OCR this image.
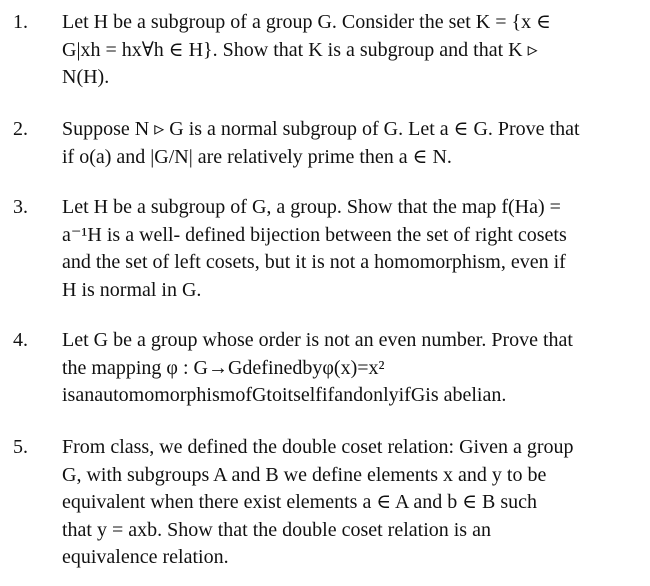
1. Let H be a subgroup of a group G. Consider the set K = {x ∈
G|xh = hx∀h ∈ H}. Show that K is a subgroup and that K ▹
N(H).
2. Suppose N ▹ G is a normal subgroup of G. Let a ∈ G. Prove that
if o(a) and |G/N| are relatively prime then a ∈ N.
3. Let H be a subgroup of G, a group. Show that the map f(Ha) =
a⁻¹H is a well- defined bijection between the set of right cosets
and the set of left cosets, but it is not a homomorphism, even if
H is normal in G.
4. Let G be a group whose order is not an even number. Prove that
the mapping φ : G→Gdefinedbyφ(x)=x²
isanautomomorphismofGtoitselfifandonlyifGis abelian.
5. From class, we defined the double coset relation: Given a group
G, with subgroups A and B we define elements x and y to be
equivalent when there exist elements a ∈ A and b ∈ B such
that y = axb. Show that the double coset relation is an
equivalence relation.
